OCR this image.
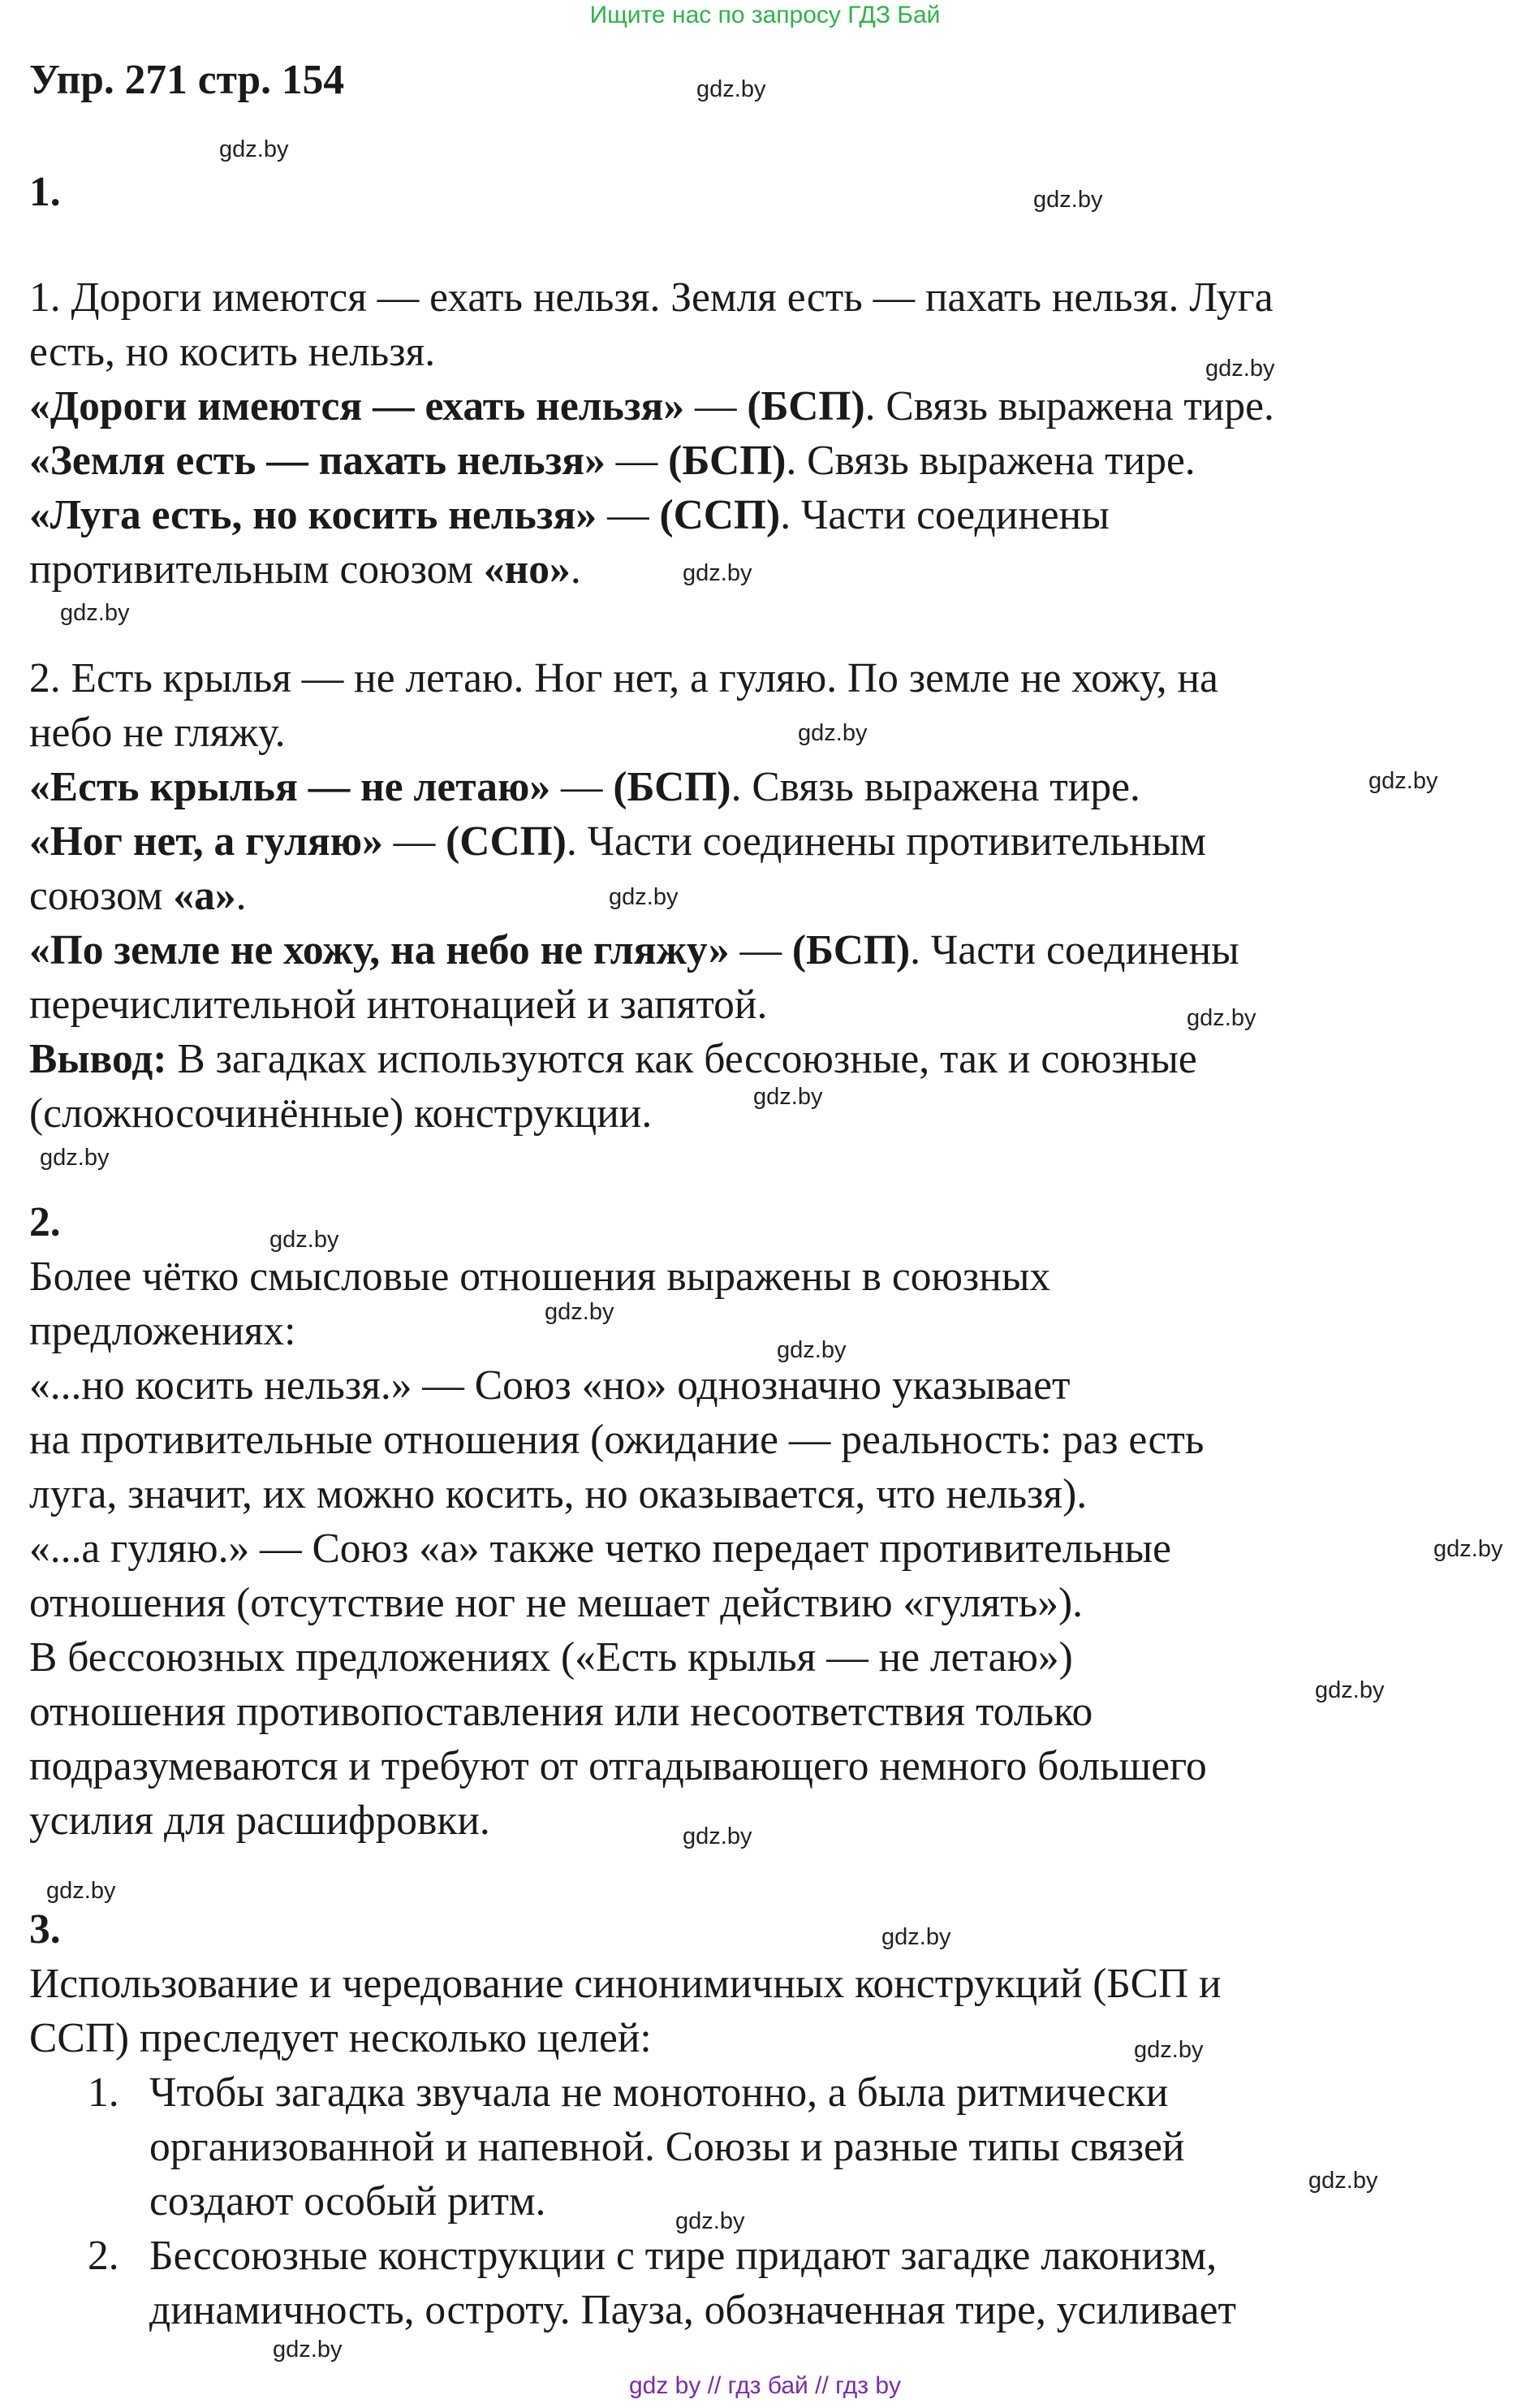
Ищите нас по запросу ГДЗ Бай
Упр. 271 стр. 154
1.
1. Дороги имеются — ехать нельзя. Земля есть — пахать нельзя. Луга
есть, но косить нельзя.
«Дороги имеются — ехать нельзя» — (БСП). Связь выражена тире.
«Земля есть — пахать нельзя» — (БСП). Связь выражена тире.
«Луга есть, но косить нельзя» — (ССП). Части соединены
противительным союзом «но».
2. Есть крылья — не летаю. Ног нет, а гуляю. По земле не хожу, на
небо не гляжу.
«Есть крылья — не летаю» — (БСП). Связь выражена тире.
«Ног нет, а гуляю» — (ССП). Части соединены противительным
союзом «а».
«По земле не хожу, на небо не гляжу» — (БСП). Части соединены
перечислительной интонацией и запятой.
Вывод: В загадках используются как бессоюзные, так и союзные
(сложносочинённые) конструкции.
2.
Более чётко смысловые отношения выражены в союзных
предложениях:
«...но косить нельзя.» — Союз «но» однозначно указывает
на противительные отношения (ожидание — реальность: раз есть
луга, значит, их можно косить, но оказывается, что нельзя).
«...а гуляю.» — Союз «а» также четко передает противительные
отношения (отсутствие ног не мешает действию «гулять»).
В бессоюзных предложениях («Есть крылья — не летаю»)
отношения противопоставления или несоответствия только
подразумеваются и требуют от отгадывающего немного большего
усилия для расшифровки.
3.
Использование и чередование синонимичных конструкций (БСП и
ССП) преследует несколько целей:
1. Чтобы загадка звучала не монотонно, а была ритмически
организованной и напевной. Союзы и разные типы связей
создают особый ритм.
2. Бессоюзные конструкции с тире придают загадке лаконизм,
динамичность, остроту. Пауза, обозначенная тире, усиливает
gdz.by
gdz.by
gdz.by
gdz.by
gdz.by
gdz.by
gdz.by
gdz.by
gdz.by
gdz.by
gdz.by
gdz.by
gdz.by
gdz.by
gdz.by
gdz.by
gdz.by
gdz.by
gdz.by
gdz.by
gdz.by
gdz.by
gdz.by
gdz.by
gdz by // гдз бай // гдз by
